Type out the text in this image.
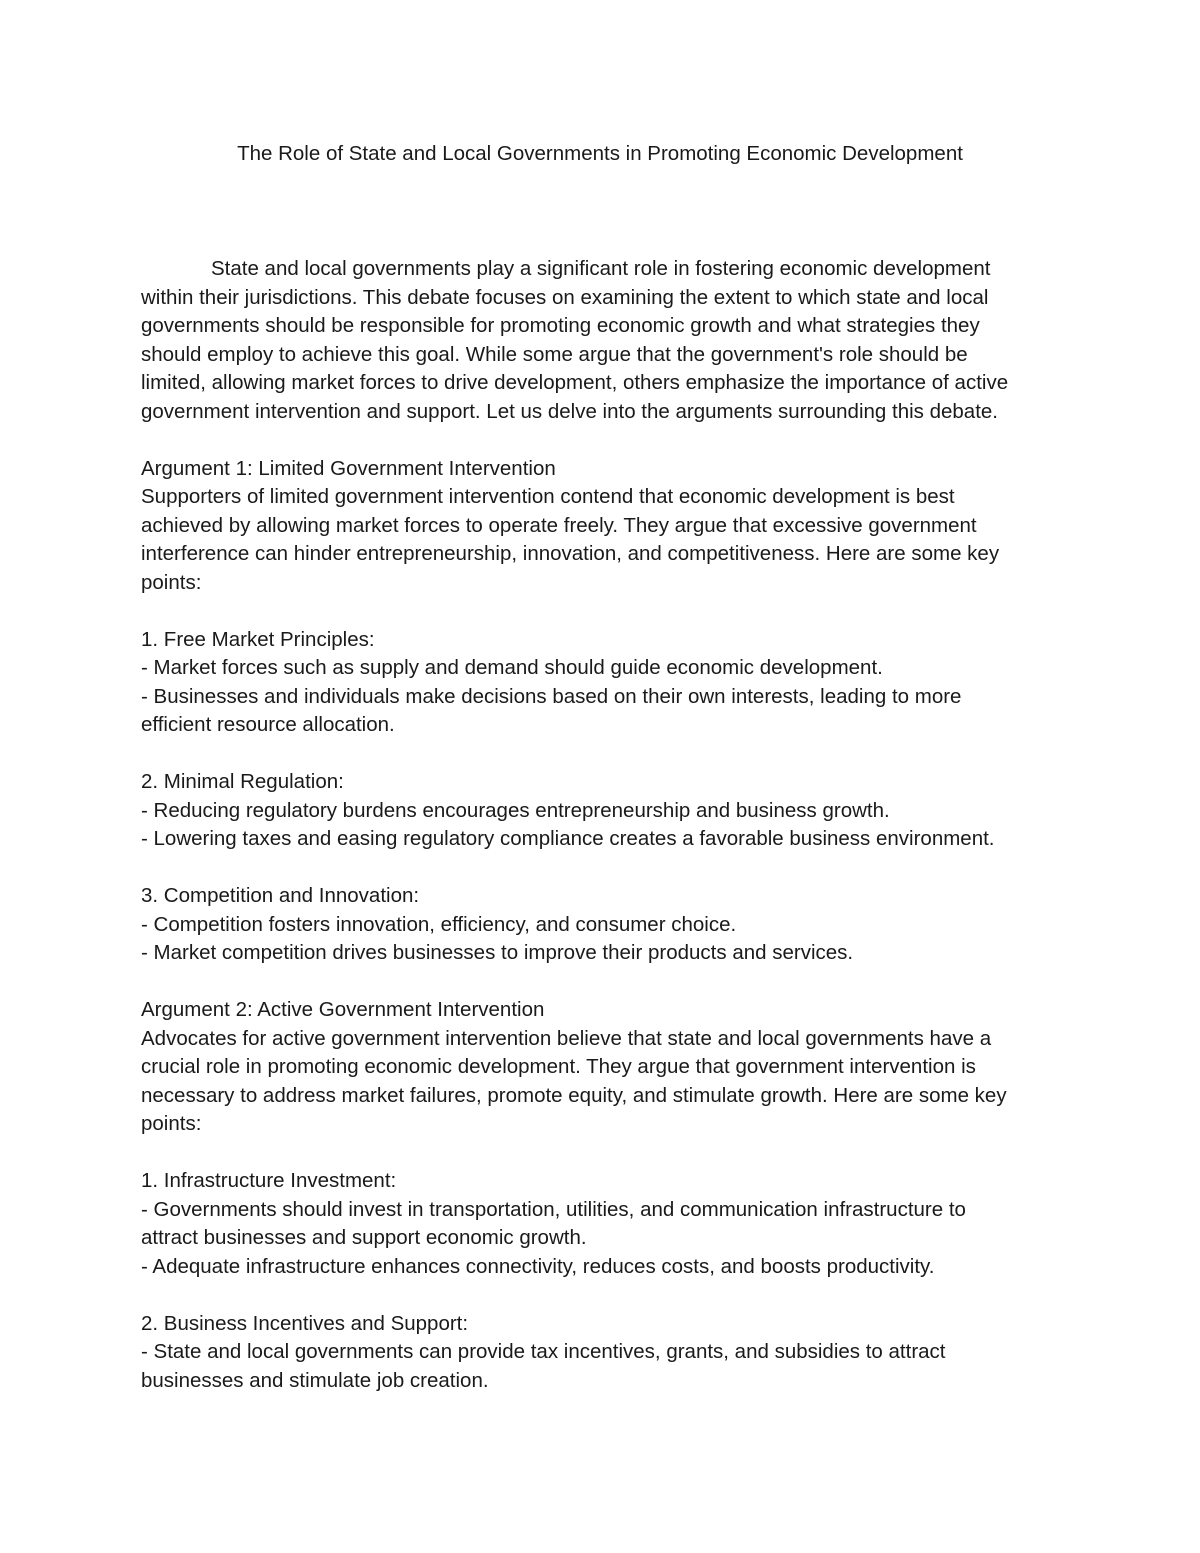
The Role of State and Local Governments in Promoting Economic Development

State and local governments play a significant role in fostering economic development
within their jurisdictions. This debate focuses on examining the extent to which state and local
governments should be responsible for promoting economic growth and what strategies they
should employ to achieve this goal. While some argue that the government's role should be
limited, allowing market forces to drive development, others emphasize the importance of active
government intervention and support. Let us delve into the arguments surrounding this debate.

Argument 1: Limited Government Intervention
Supporters of limited government intervention contend that economic development is best
achieved by allowing market forces to operate freely. They argue that excessive government
interference can hinder entrepreneurship, innovation, and competitiveness. Here are some key
points:

1. Free Market Principles:
- Market forces such as supply and demand should guide economic development.
- Businesses and individuals make decisions based on their own interests, leading to more
efficient resource allocation.

2. Minimal Regulation:
- Reducing regulatory burdens encourages entrepreneurship and business growth.
- Lowering taxes and easing regulatory compliance creates a favorable business environment.

3. Competition and Innovation:
- Competition fosters innovation, efficiency, and consumer choice.
- Market competition drives businesses to improve their products and services.

Argument 2: Active Government Intervention
Advocates for active government intervention believe that state and local governments have a
crucial role in promoting economic development. They argue that government intervention is
necessary to address market failures, promote equity, and stimulate growth. Here are some key
points:

1. Infrastructure Investment:
- Governments should invest in transportation, utilities, and communication infrastructure to
attract businesses and support economic growth.
- Adequate infrastructure enhances connectivity, reduces costs, and boosts productivity.

2. Business Incentives and Support:
- State and local governments can provide tax incentives, grants, and subsidies to attract
businesses and stimulate job creation.
